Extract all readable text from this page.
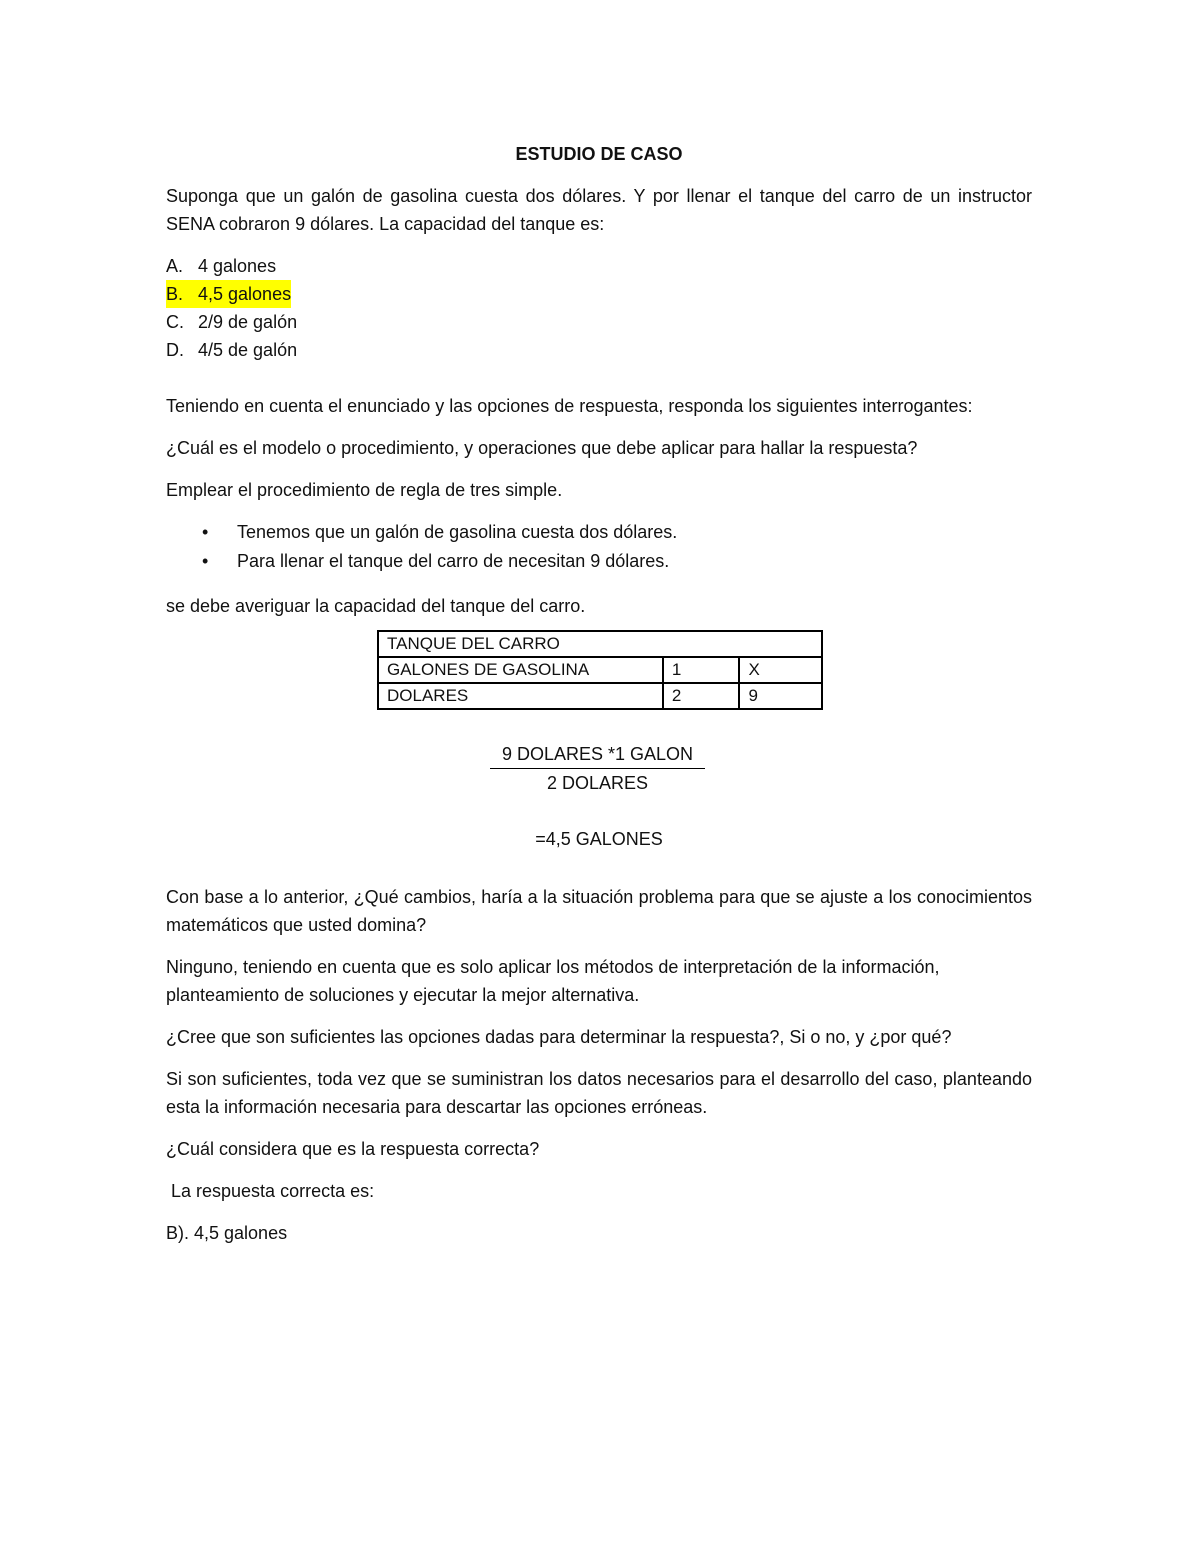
ESTUDIO DE CASO

Suponga que un galón de gasolina cuesta dos dólares. Y por llenar el tanque del carro de un instructor SENA cobraron 9 dólares. La capacidad del tanque es:

A. 4 galones
B. 4,5 galones
C. 2/9 de galón
D. 4/5 de galón

Teniendo en cuenta el enunciado y las opciones de respuesta, responda los siguientes interrogantes:

¿Cuál es el modelo o procedimiento, y operaciones que debe aplicar para hallar la respuesta?

Emplear el procedimiento de regla de tres simple.

•	Tenemos que un galón de gasolina cuesta dos dólares.
•	Para llenar el tanque del carro de necesitan 9 dólares.

se debe averiguar la capacidad del tanque del carro.

TANQUE DEL CARRO		
GALONES DE GASOLINA	1	X
DOLARES	2	9
9 DOLARES *1 GALON
2 DOLARES

=4,5 GALONES

Con base a lo anterior, ¿Qué cambios, haría a la situación problema para que se ajuste a los conocimientos matemáticos que usted domina?

Ninguno, teniendo en cuenta que es solo aplicar los métodos de interpretación de la información, planteamiento de soluciones y ejecutar la mejor alternativa.

¿Cree que son suficientes las opciones dadas para determinar la respuesta?, Si o no, y ¿por qué?

Si son suficientes, toda vez que se suministran los datos necesarios para el desarrollo del caso, planteando esta la información necesaria para descartar las opciones erróneas.

¿Cuál considera que es la respuesta correcta?

La respuesta correcta es:

B). 4,5 galones
